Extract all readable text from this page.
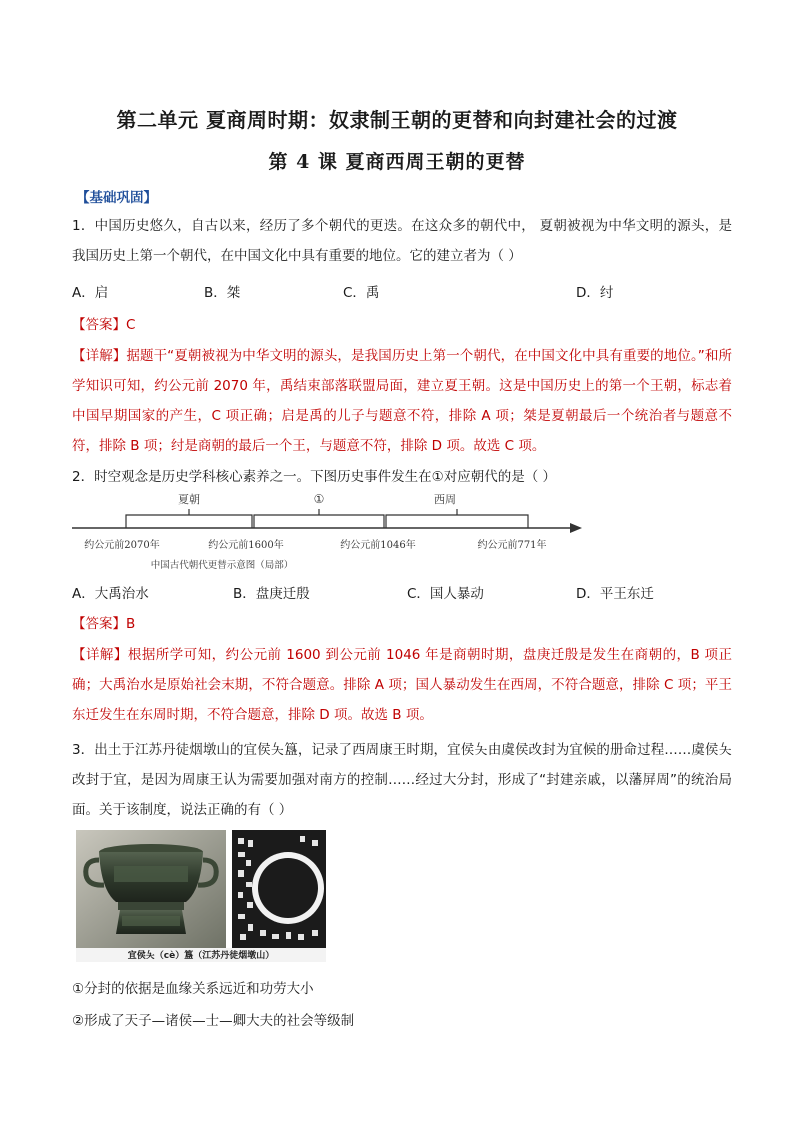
第二单元 夏商周时期：奴隶制王朝的更替和向封建社会的过渡
第 4 课 夏商西周王朝的更替
【基础巩固】
1．中国历史悠久，自古以来，经历了多个朝代的更迭。在这众多的朝代中， 夏朝被视为中华文明的源头，是我国历史上第一个朝代，在中国文化中具有重要的地位。它的建立者为（ ）
A．启	B．桀	C．禹	D．纣
【答案】C
【详解】据题干“夏朝被视为中华文明的源头，是我国历史上第一个朝代，在中国文化中具有重要的地位。”和所学知识可知，约公元前 2070 年，禹结束部落联盟局面，建立夏王朝。这是中国历史上的第一个王朝，标志着中国早期国家的产生，C 项正确；启是禹的儿子与题意不符，排除 A 项；桀是夏朝最后一个统治者与题意不符，排除 B 项；纣是商朝的最后一个王，与题意不符，排除 D 项。故选 C 项。
2．时空观念是历史学科核心素养之一。下图历史事件发生在①对应朝代的是（ ）
夏朝	①	西周
约公元前2070年	约公元前1600年	约公元前1046年	约公元前771年
中国古代朝代更替示意图（局部）
A．大禹治水	B．盘庚迁殷	C．国人暴动	D．平王东迁
【答案】B
【详解】根据所学可知，约公元前 1600 到公元前 1046 年是商朝时期，盘庚迁殷是发生在商朝的，B 项正确；大禹治水是原始社会末期，不符合题意。排除 A 项；国人暴动发生在西周，不符合题意，排除 C 项；平王东迁发生在东周时期，不符合题意，排除 D 项。故选 B 项。
3．出土于江苏丹徒烟墩山的宜侯夨簋，记录了西周康王时期，宜侯夨由虞侯改封为宜候的册命过程……虞侯夨改封于宜，是因为周康王认为需要加强对南方的控制……经过大分封，形成了“封建亲戚，以藩屏周”的统治局面。关于该制度，说法正确的有（ ）
宜侯夨（cè）簋（江苏丹徒烟墩山）
①分封的依据是血缘关系远近和功劳大小
②形成了天子—诸侯—士—卿大夫的社会等级制
